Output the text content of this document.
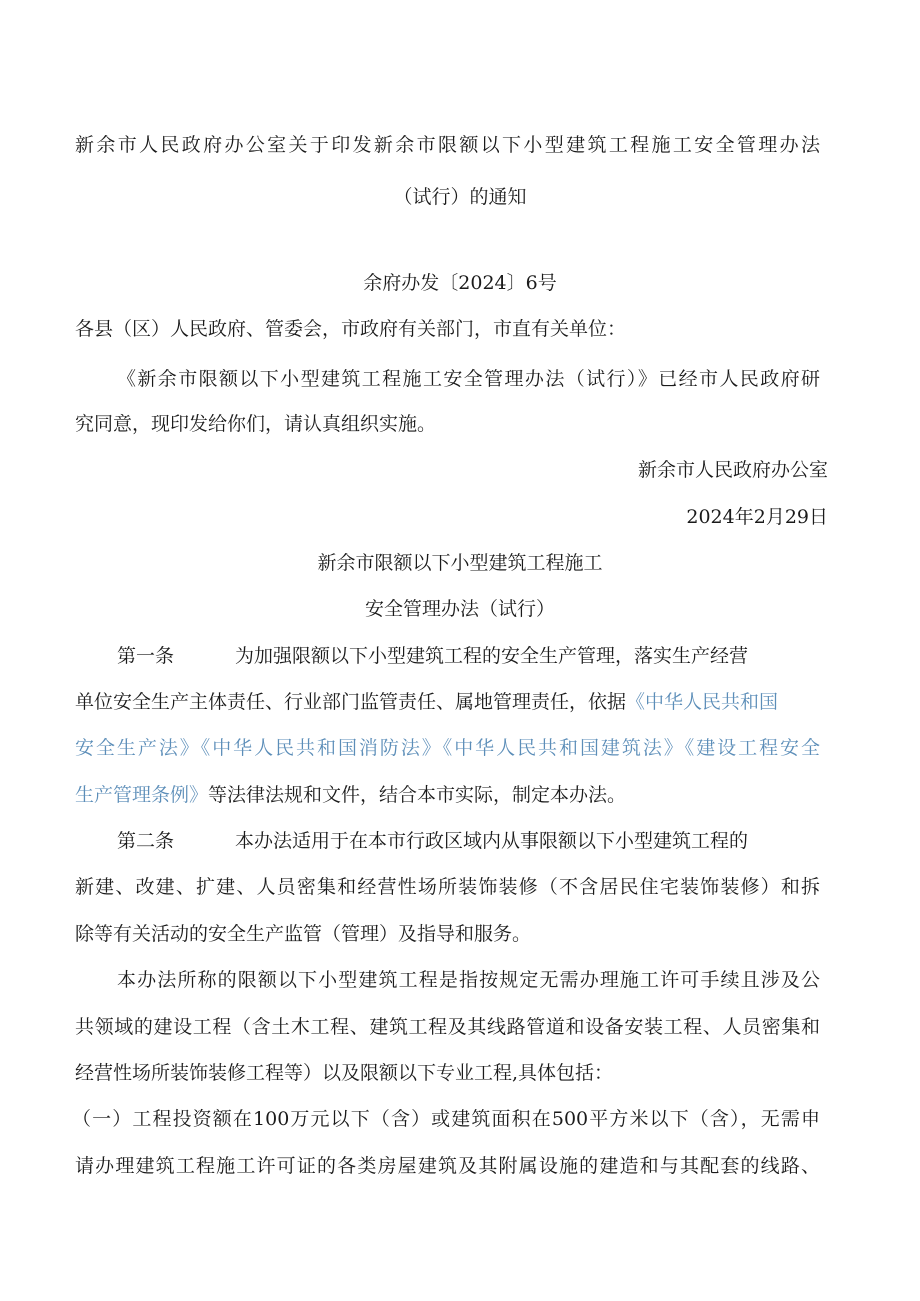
新余市人民政府办公室关于印发新余市限额以下小型建筑工程施工安全管理办法
（试行）的通知
余府办发〔2024〕6号
各县（区）人民政府、管委会，市政府有关部门，市直有关单位：
《新余市限额以下小型建筑工程施工安全管理办法（试行）》已经市人民政府研
究同意，现印发给你们，请认真组织实施。
新余市人民政府办公室
2024年2月29日
新余市限额以下小型建筑工程施工
安全管理办法（试行）
第一条	为加强限额以下小型建筑工程的安全生产管理，落实生产经营
单位安全生产主体责任、行业部门监管责任、属地管理责任，依据《中华人民共和国
安全生产法》《中华人民共和国消防法》《中华人民共和国建筑法》《建设工程安全
生产管理条例》等法律法规和文件，结合本市实际，制定本办法。
第二条	本办法适用于在本市行政区域内从事限额以下小型建筑工程的
新建、改建、扩建、人员密集和经营性场所装饰装修（不含居民住宅装饰装修）和拆
除等有关活动的安全生产监管（管理）及指导和服务。
本办法所称的限额以下小型建筑工程是指按规定无需办理施工许可手续且涉及公
共领域的建设工程（含土木工程、建筑工程及其线路管道和设备安装工程、人员密集和
经营性场所装饰装修工程等）以及限额以下专业工程,具体包括：
（一）工程投资额在100万元以下（含）或建筑面积在500平方米以下（含），无需申
请办理建筑工程施工许可证的各类房屋建筑及其附属设施的建造和与其配套的线路、
